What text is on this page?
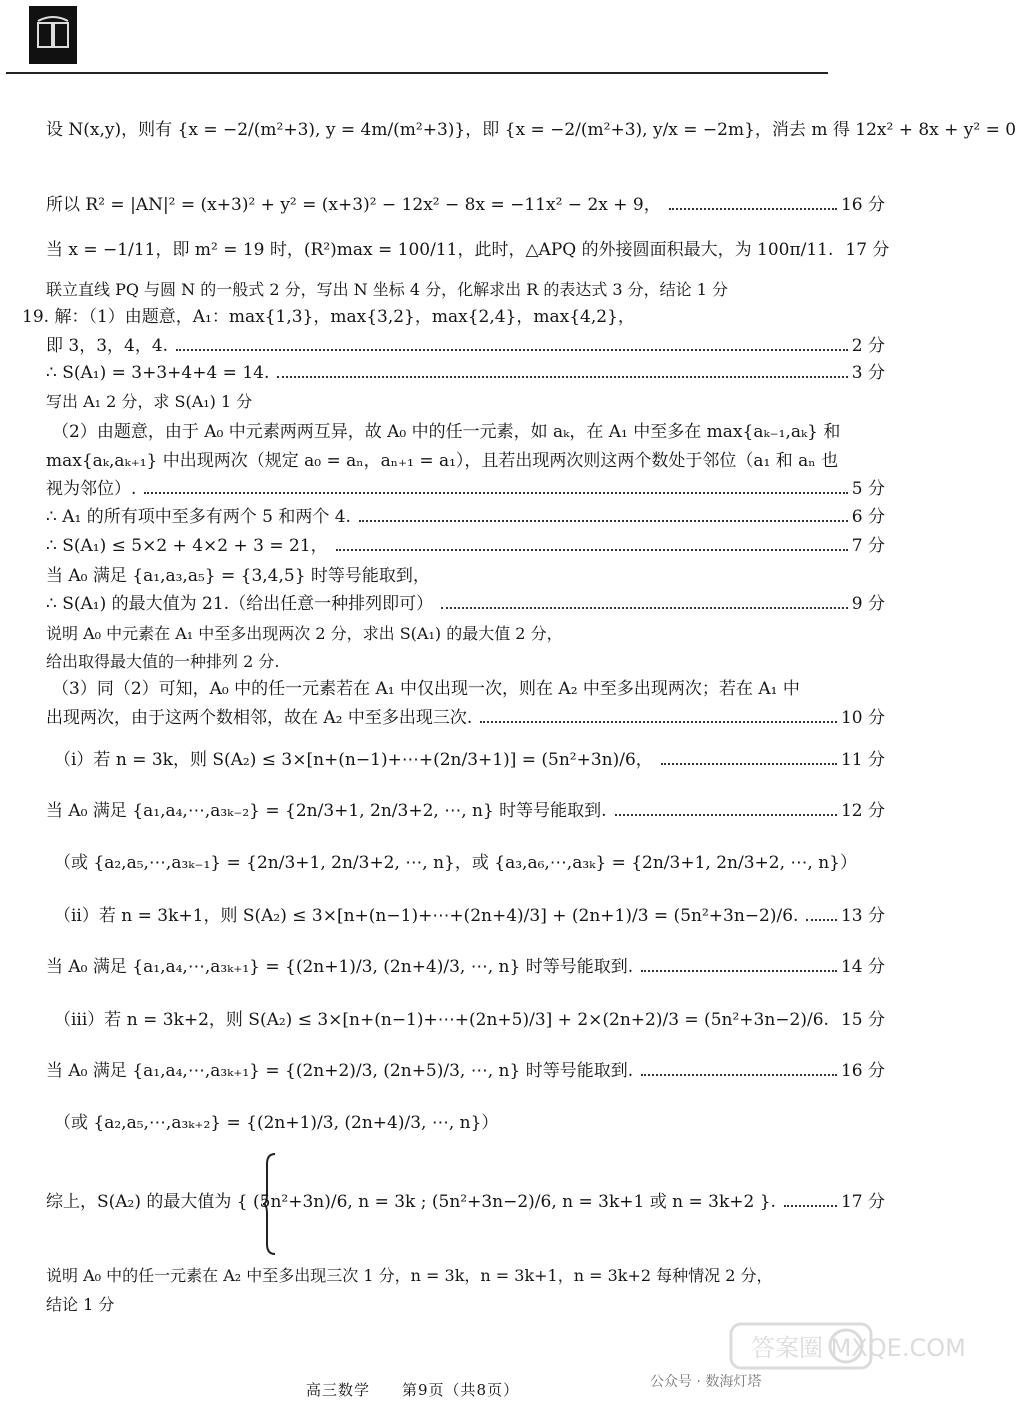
设 N(x,y)，则有 {x = −2/(m²+3), y = 4m/(m²+3)}，即 {x = −2/(m²+3), y/x = −2m}，消去 m 得 12x² + 8x + y² = 0
所以 R² = |AN|² = (x+3)² + y² = (x+3)² − 12x² − 8x = −11x² − 2x + 9，	16 分
当 x = −1/11，即 m² = 19 时，(R²)max = 100/11，此时，△APQ 的外接圆面积最大，为 100π/11. 17 分
联立直线 PQ 与圆 N 的一般式 2 分，写出 N 坐标 4 分，化解求出 R 的表达式 3 分，结论 1 分
19. 解：（1）由题意，A₁：max{1,3}，max{3,2}，max{2,4}，max{4,2}，
即 3，3，4，4.	2 分
∴ S(A₁) = 3+3+4+4 = 14.	3 分
写出 A₁ 2 分，求 S(A₁) 1 分
（2）由题意，由于 A₀ 中元素两两互异，故 A₀ 中的任一元素，如 aₖ，在 A₁ 中至多在 max{aₖ₋₁,aₖ} 和
max{aₖ,aₖ₊₁} 中出现两次（规定 a₀ = aₙ，aₙ₊₁ = a₁），且若出现两次则这两个数处于邻位（a₁ 和 aₙ 也
视为邻位）.	5 分
∴ A₁ 的所有项中至多有两个 5 和两个 4.	6 分
∴ S(A₁) ≤ 5×2 + 4×2 + 3 = 21，	7 分
当 A₀ 满足 {a₁,a₃,a₅} = {3,4,5} 时等号能取到，
∴ S(A₁) 的最大值为 21.（给出任意一种排列即可）	9 分
说明 A₀ 中元素在 A₁ 中至多出现两次 2 分，求出 S(A₁) 的最大值 2 分，
给出取得最大值的一种排列 2 分.
（3）同（2）可知，A₀ 中的任一元素若在 A₁ 中仅出现一次，则在 A₂ 中至多出现两次；若在 A₁ 中
出现两次，由于这两个数相邻，故在 A₂ 中至多出现三次.	10 分
（i）若 n = 3k，则 S(A₂) ≤ 3×[n+(n−1)+⋯+(2n/3+1)] = (5n²+3n)/6，	11 分
当 A₀ 满足 {a₁,a₄,⋯,a₃ₖ₋₂} = {2n/3+1, 2n/3+2, ⋯, n} 时等号能取到.	12 分
（或 {a₂,a₅,⋯,a₃ₖ₋₁} = {2n/3+1, 2n/3+2, ⋯, n}，或 {a₃,a₆,⋯,a₃ₖ} = {2n/3+1, 2n/3+2, ⋯, n}）
（ii）若 n = 3k+1，则 S(A₂) ≤ 3×[n+(n−1)+⋯+(2n+4)/3] + (2n+1)/3 = (5n²+3n−2)/6.	13 分
当 A₀ 满足 {a₁,a₄,⋯,a₃ₖ₊₁} = {(2n+1)/3, (2n+4)/3, ⋯, n} 时等号能取到.	14 分
（iii）若 n = 3k+2，则 S(A₂) ≤ 3×[n+(n−1)+⋯+(2n+5)/3] + 2×(2n+2)/3 = (5n²+3n−2)/6. 15 分
当 A₀ 满足 {a₁,a₄,⋯,a₃ₖ₊₁} = {(2n+2)/3, (2n+5)/3, ⋯, n} 时等号能取到.	16 分
（或 {a₂,a₅,⋯,a₃ₖ₊₂} = {(2n+1)/3, (2n+4)/3, ⋯, n}）
综上，S(A₂) 的最大值为 { (5n²+3n)/6, n = 3k ; (5n²+3n−2)/6, n = 3k+1 或 n = 3k+2 }.	17 分
说明 A₀ 中的任一元素在 A₂ 中至多出现三次 1 分，n = 3k，n = 3k+1，n = 3k+2 每种情况 2 分，
结论 1 分
答案圈 MXQE.COM
公众号 · 数海灯塔
高三数学　　第9页（共8页）
